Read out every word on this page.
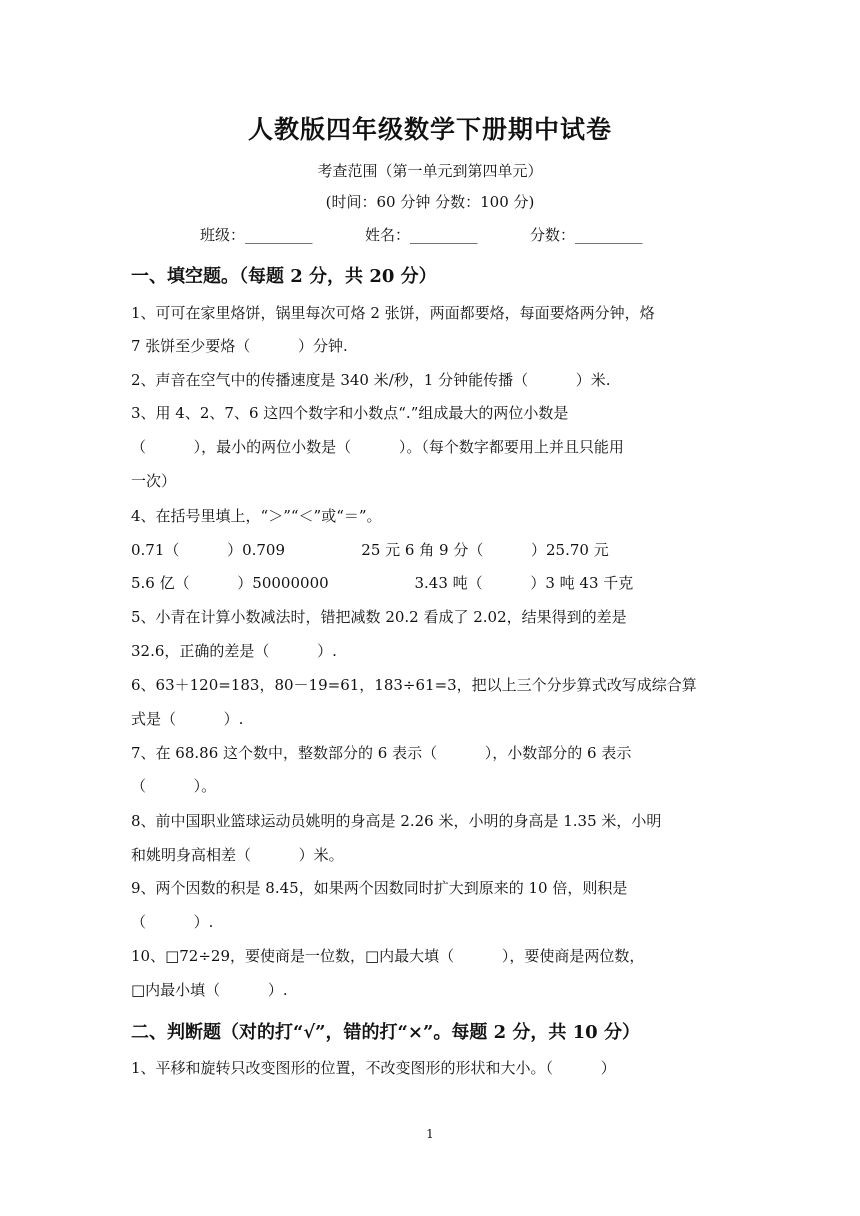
人教版四年级数学下册期中试卷
考查范围（第一单元到第四单元）
(时间：60 分钟 分数：100 分)
班级：_________	姓名：_________	分数：_________
一、填空题。（每题 2 分，共 20 分）
1、可可在家里烙饼，锅里每次可烙 2 张饼，两面都要烙，每面要烙两分钟，烙
7 张饼至少要烙（          ）分钟.
2、声音在空气中的传播速度是 340 米/秒，1 分钟能传播（          ）米.
3、用 4、2、7、6 这四个数字和小数点“.”组成最大的两位小数是
（          ），最小的两位小数是（          ）。（每个数字都要用上并且只能用
一次）
4、在括号里填上，“＞”“＜”或“＝”。
0.71（          ）0.709                25 元 6 角 9 分（          ）25.70 元
5.6 亿（          ）50000000                  3.43 吨（          ）3 吨 43 千克
5、小青在计算小数减法时，错把减数 20.2 看成了 2.02，结果得到的差是
32.6，正确的差是（          ）.
6、63＋120=183，80－19=61，183÷61=3，把以上三个分步算式改写成综合算
式是（          ）.
7、在 68.86 这个数中，整数部分的 6 表示（          ），小数部分的 6 表示
（          ）。
8、前中国职业篮球运动员姚明的身高是 2.26 米，小明的身高是 1.35 米，小明
和姚明身高相差（          ）米。
9、两个因数的积是 8.45，如果两个因数同时扩大到原来的 10 倍，则积是
（          ）.
10、□72÷29，要使商是一位数，□内最大填（          ），要使商是两位数，
□内最小填（          ）.
二、判断题（对的打“√”，错的打“×”。每题 2 分，共 10 分）
1、平移和旋转只改变图形的位置，不改变图形的形状和大小。（          ）
1
